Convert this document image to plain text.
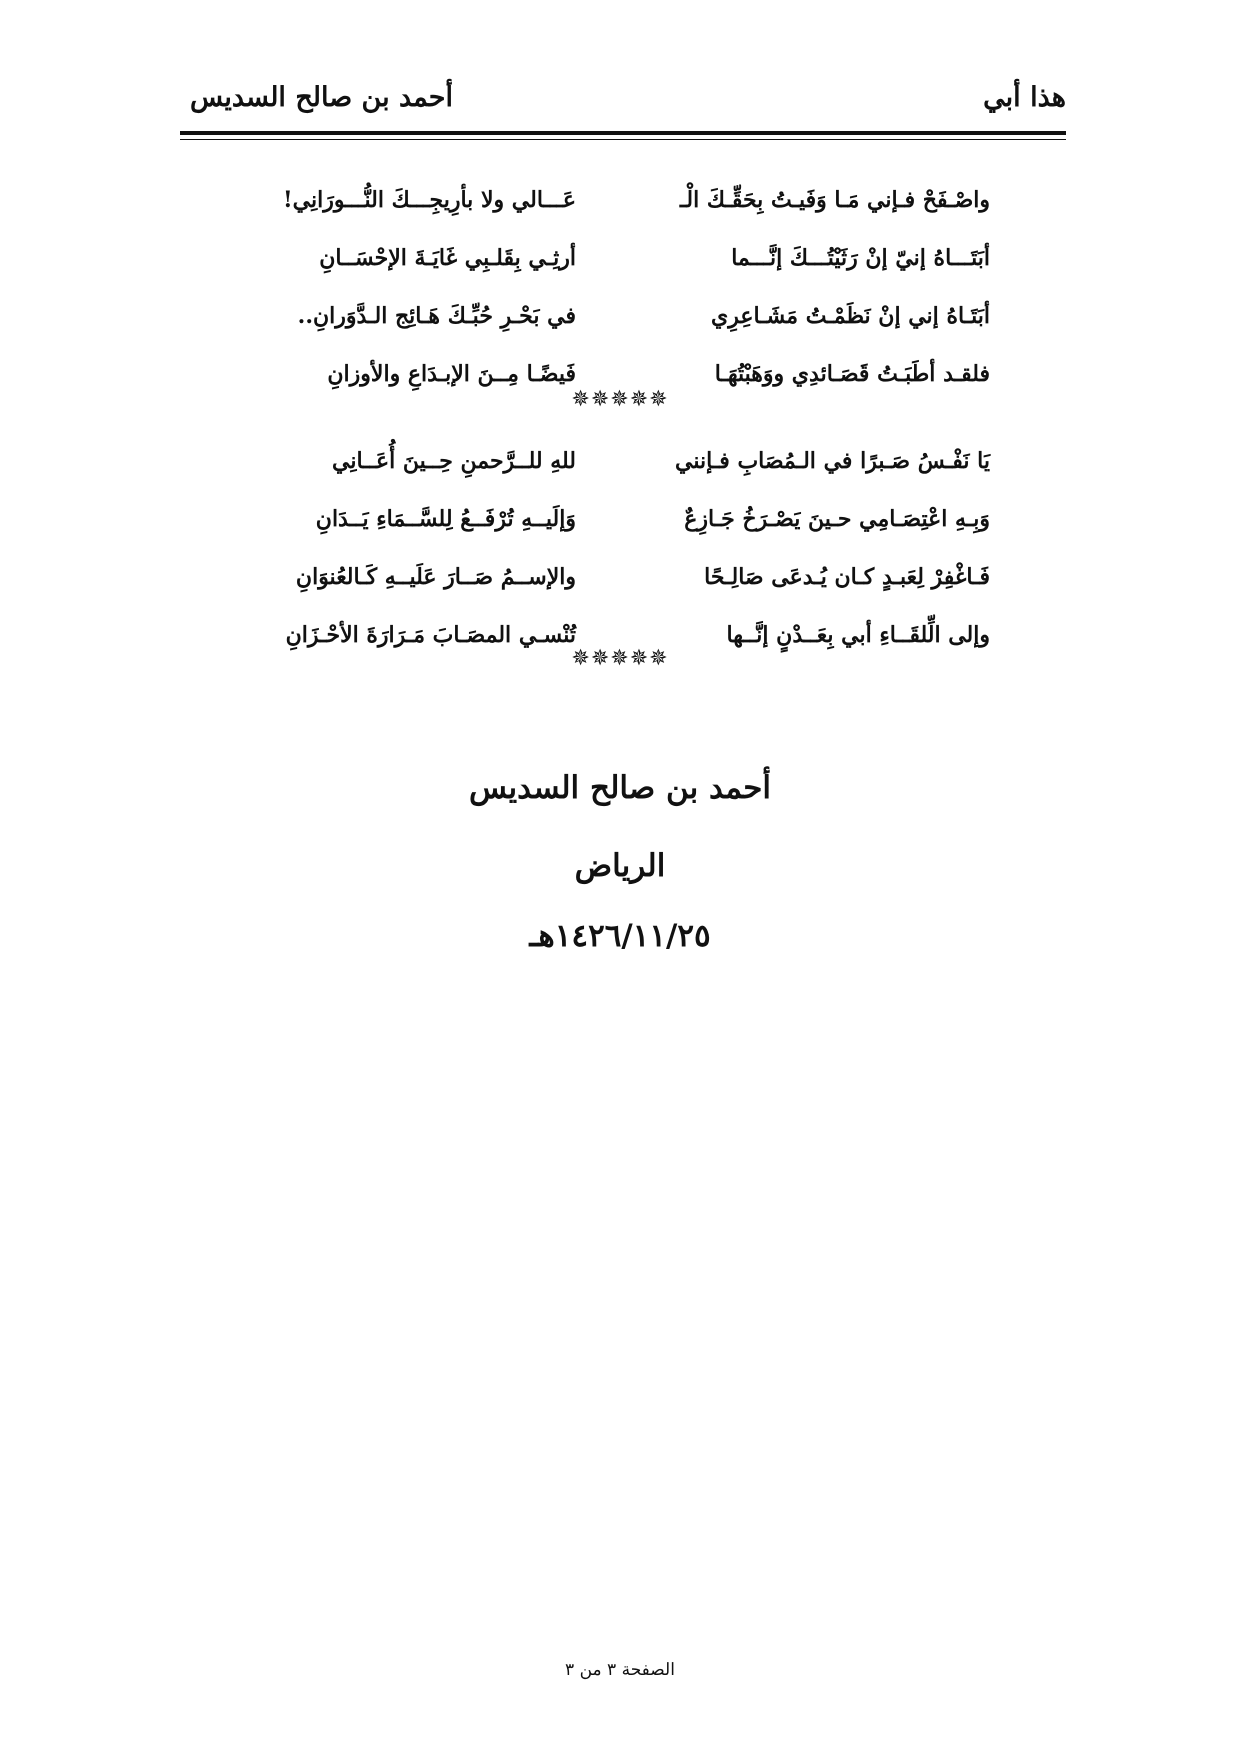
هذا أبي
أحمد بن صالح السديس
واصْـفَحْ فـإني مَـا وَفَيـتُ بِحَقِّـكَ الْـ
عَـــالي ولا بأرِيجِـــكَ النُّـــورَانِي!
أبَتَـــاهُ إنيّ إنْ رَثَيْتُـــكَ إنَّـــما
أرثِـي بِقَلـبِي غَايَـةَ الإحْسَــانِ
أبَتَـاهُ إني إنْ نَظَمْـتُ مَشَـاعِرِي
في بَحْـرِ حُبِّـكَ هَـائِج الـدَّوَرانِ..
فلقـد أطَبَـتُ قَصَـائدِي ووَهَبْتُهَـا
فَيضًـا مِــنَ الإبـدَاعِ والأوزانِ
✵✵✵✵✵
يَا نَفْـسُ صَـبرًا في الـمُصَابِ فـإنني
للهِ للــرَّحمنِ حِــينَ أُعَــانِي
وَبِـهِ اعْتِصَـامِي حـينَ يَصْـرَخُ جَـازِعٌ
وَإلَيــهِ تُرْفَــعُ لِلسَّــمَاءِ يَــدَانِ
فَـاغْفِرْ لِعَبـدٍ كـان يُـدعَى صَالِـحًا
والإســمُ صَــارَ عَلَيــهِ كَـالعُنوَانِ
وإلى الِّلقَــاءِ أبي بِعَــدْنٍ إنَّــها
تُنْسـي المصَـابَ مَـرَارَةَ الأحْـزَانِ
✵✵✵✵✵
أحمد بن صالح السديس
الرياض
١٤٢٦/١١/٢٥هـ
الصفحة ٣ من ٣
